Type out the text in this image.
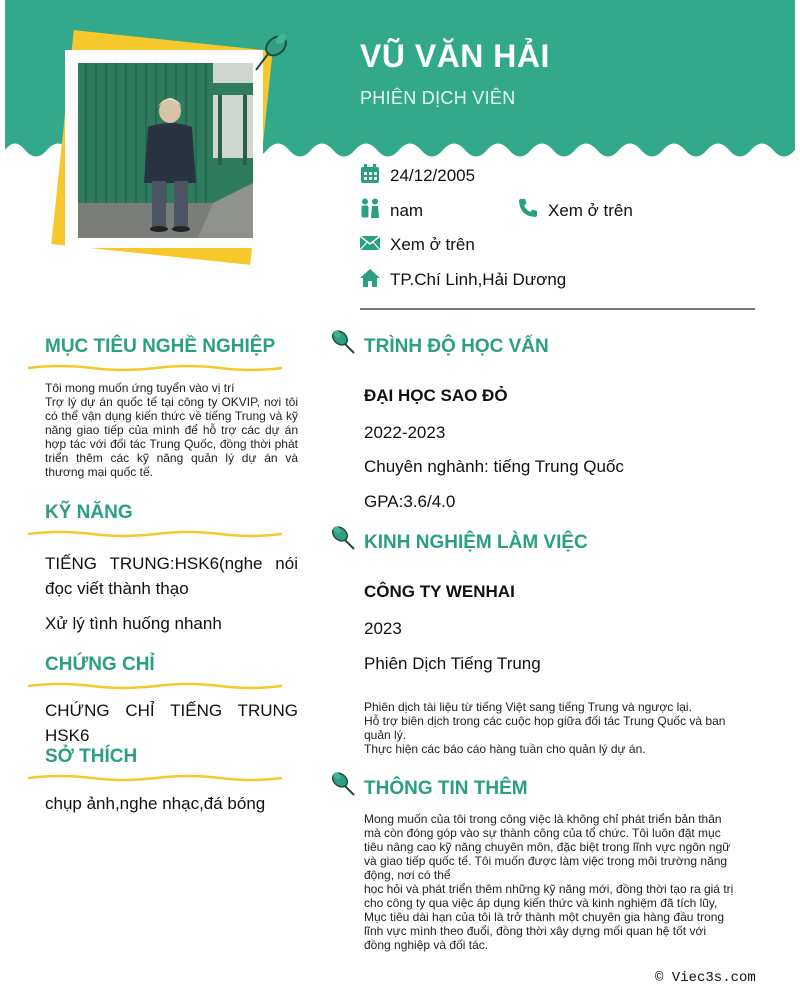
VŨ VĂN HẢI
PHIÊN DỊCH VIÊN
24/12/2005
nam	Xem ở trên
Xem ở trên
TP.Chí Linh,Hải Dương
MỤC TIÊU NGHỀ NGHIỆP
Tôi mong muốn ứng tuyển vào vị trí
Trợ lý dự án quốc tế tại công ty OKVIP, nơi tôi có thể vận dụng kiến thức về tiếng Trung và kỹ năng giao tiếp của mình để hỗ trợ các dự án hợp tác với đối tác Trung Quốc, đồng thời phát triển thêm các kỹ năng quản lý dự án và thương mại quốc tế.
KỸ NĂNG
TIẾNG TRUNG:HSK6(nghe nói đọc viết thành thạo
Xử lý tình huống nhanh
CHỨNG CHỈ
CHỨNG CHỈ TIẾNG TRUNG HSK6
SỞ THÍCH
chụp ảnh,nghe nhạc,đá bóng
TRÌNH ĐỘ HỌC VẤN
ĐẠI HỌC SAO ĐỎ
2022-2023
Chuyên nghành: tiếng Trung Quốc
GPA:3.6/4.0
KINH NGHIỆM LÀM VIỆC
CÔNG TY WENHAI
2023
Phiên Dịch Tiếng Trung
Phiên dịch tài liệu từ tiếng Việt sang tiếng Trung và ngược lại.
Hỗ trợ biên dịch trong các cuộc họp giữa đối tác Trung Quốc và ban quản lý.
Thực hiện các báo cáo hàng tuần cho quản lý dự án.
THÔNG TIN THÊM
Mong muốn của tôi trong công việc là không chỉ phát triển bản thân mà còn đóng góp vào sự thành công của tổ chức. Tôi luôn đặt mục tiêu nâng cao kỹ năng chuyên môn, đặc biệt trong lĩnh vực ngôn ngữ và giao tiếp quốc tế. Tôi muốn được làm việc trong môi trường năng động, nơi có thể
học hỏi và phát triển thêm những kỹ năng mới, đồng thời tạo ra giá trị cho công ty qua việc áp dụng kiến thức và kinh nghiệm đã tích lũy,
Mục tiêu dài hạn của tôi là trở thành một chuyên gia hàng đầu trong lĩnh vực mình theo đuổi, đồng thời xây dựng mối quan hệ tốt với đồng nghiệp và đối tác.
© Viec3s.com
